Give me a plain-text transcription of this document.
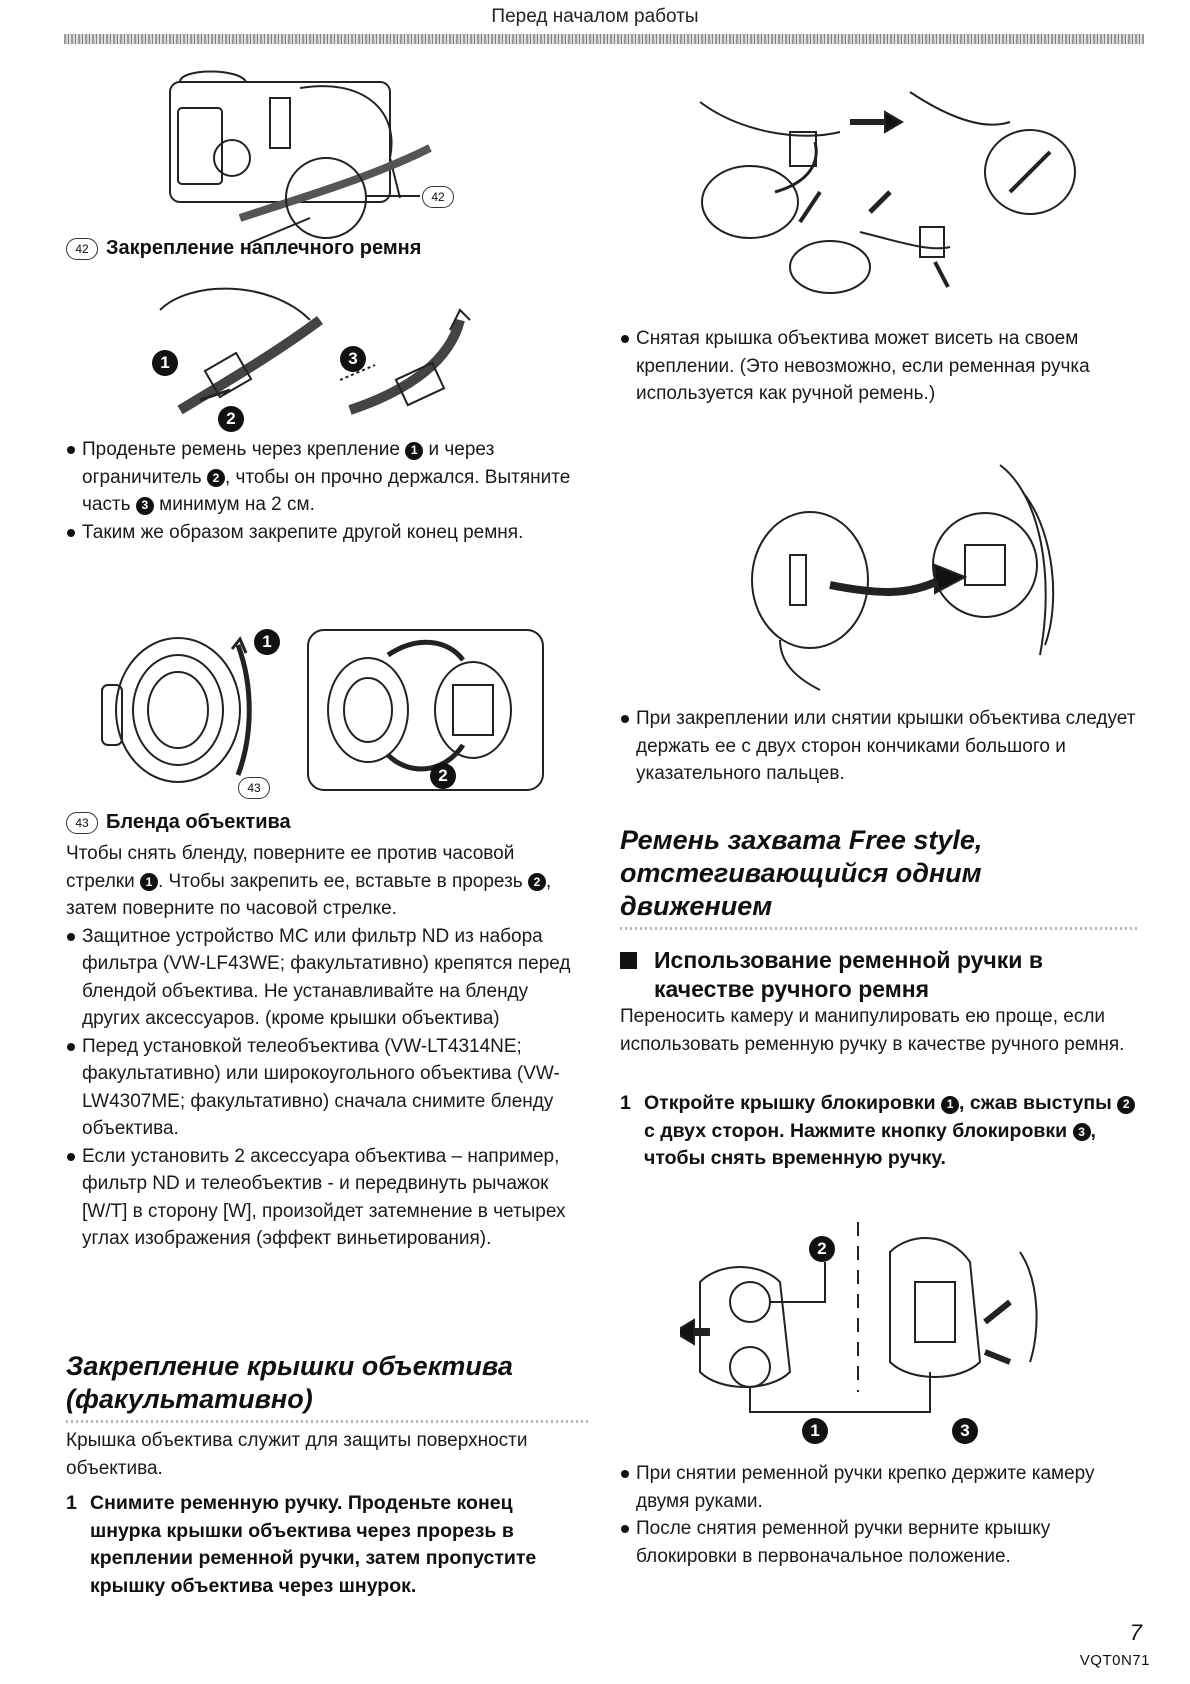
Перед началом работы
42
42 Закрепление наплечного ремня
1
2
3
Проденьте ремень через крепление 1 и через ограничитель 2 , чтобы он прочно держался. Вытяните часть 3 минимум на 2 см.
Таким же образом закрепите другой конец ремня.
1
2
43
43 Бленда объектива
Чтобы снять бленду, поверните ее против часовой стрелки 1 . Чтобы закрепить ее, вставьте в прорезь 2 , затем поверните по часовой стрелке.
Защитное устройство MC или фильтр ND из набора фильтра (VW-LF43WE; факультативно) крепятся перед блендой объектива. Не устанавливайте на бленду других аксессуаров. (кроме крышки объектива)
Перед установкой телеобъектива (VW-LT4314NE; факультативно) или широкоугольного объектива (VW-LW4307ME; факультативно) сначала снимите бленду объектива.
Если установить 2 аксессуара объектива – например, фильтр ND и телеобъектив - и передвинуть рычажок [W/T] в сторону [W], произойдет затемнение в четырех углах изображения (эффект виньетирования).
Закрепление крышки объектива (факультативно)
Крышка объектива служит для защиты поверхности объектива.
1 Снимите ременную ручку. Проденьте конец шнурка крышки объектива через прорезь в креплении ременной ручки, затем пропустите крышку объектива через шнурок.
Снятая крышка объектива может висеть на своем креплении. (Это невозможно, если ременная ручка используется как ручной ремень.)
При закреплении или снятии крышки объектива следует держать ее с двух сторон кончиками большого и указательного пальцев.
Ремень захвата Free style, отстегивающийся одним движением
Использование ременной ручки в качестве ручного ремня
Переносить камеру и манипулировать ею проще, если использовать ременную ручку в качестве ручного ремня.
1 Откройте крышку блокировки 1 , сжав выступы 2 с двух сторон. Нажмите кнопку блокировки 3 , чтобы снять временную ручку.
2
1	3
При снятии ременной ручки крепко держите камеру двумя руками.
После снятия ременной ручки верните крышку блокировки в первоначальное положение.
7
VQT0N71
